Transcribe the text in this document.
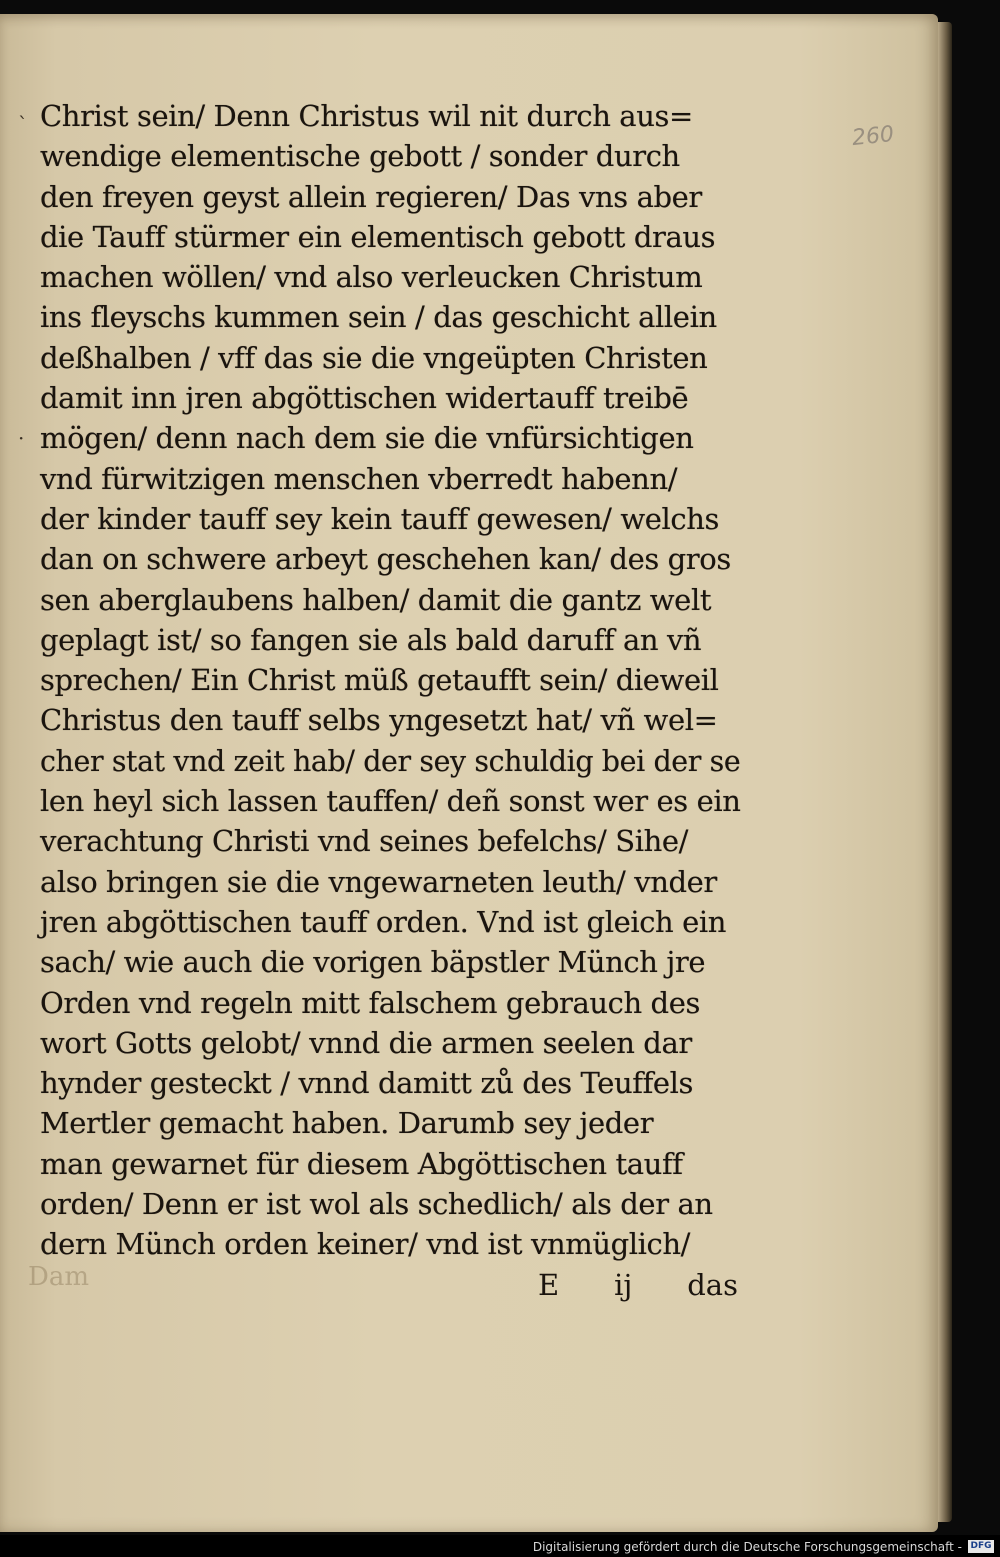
260
ˋ
·
Christ sein/ Denn Christus wil nit durch aus=
wendige elementische gebott / sonder durch
den freyen geyst allein regieren/ Das vns aber
die Tauff stürmer ein elementisch gebott draus
machen wöllen/ vnd also verleucken Christum
ins fleyschs kummen sein / das geschicht allein
deßhalben / vff das sie die vngeüpten Christen
damit inn jren abgöttischen widertauff treibē
mögen/ denn nach dem sie die vnfürsichtigen
vnd fürwitzigen menschen vberredt habenn/
der kinder tauff sey kein tauff gewesen/ welchs
dan on schwere arbeyt geschehen kan/ des gros
sen aberglaubens halben/ damit die gantz welt
geplagt ist/ so fangen sie als bald daruff an vñ
sprechen/ Ein Christ müß getaufft sein/ dieweil
Christus den tauff selbs yngesetzt hat/ vñ wel=
cher stat vnd zeit hab/ der sey schuldig bei der se
len heyl sich lassen tauffen/ deñ sonst wer es ein
verachtung Christi vnd seines befelchs/ Sihe/
also bringen sie die vngewarneten leuth/ vnder
jren abgöttischen tauff orden. Vnd ist gleich ein
sach/ wie auch die vorigen bäpstler Münch jre
Orden vnd regeln mitt falschem gebrauch des
wort Gotts gelobt/ vnnd die armen seelen dar
hynder gesteckt / vnnd damitt zů des Teuffels
Mertler gemacht haben. Darumb sey jeder
man gewarnet für diesem Abgöttischen tauff
orden/ Denn er ist wol als schedlich/ als der an
dern Münch orden keiner/ vnd ist vnmüglich/
Dam	E ij das
Digitalisierung gefördert durch die Deutsche Forschungsgemeinschaft - DFG
